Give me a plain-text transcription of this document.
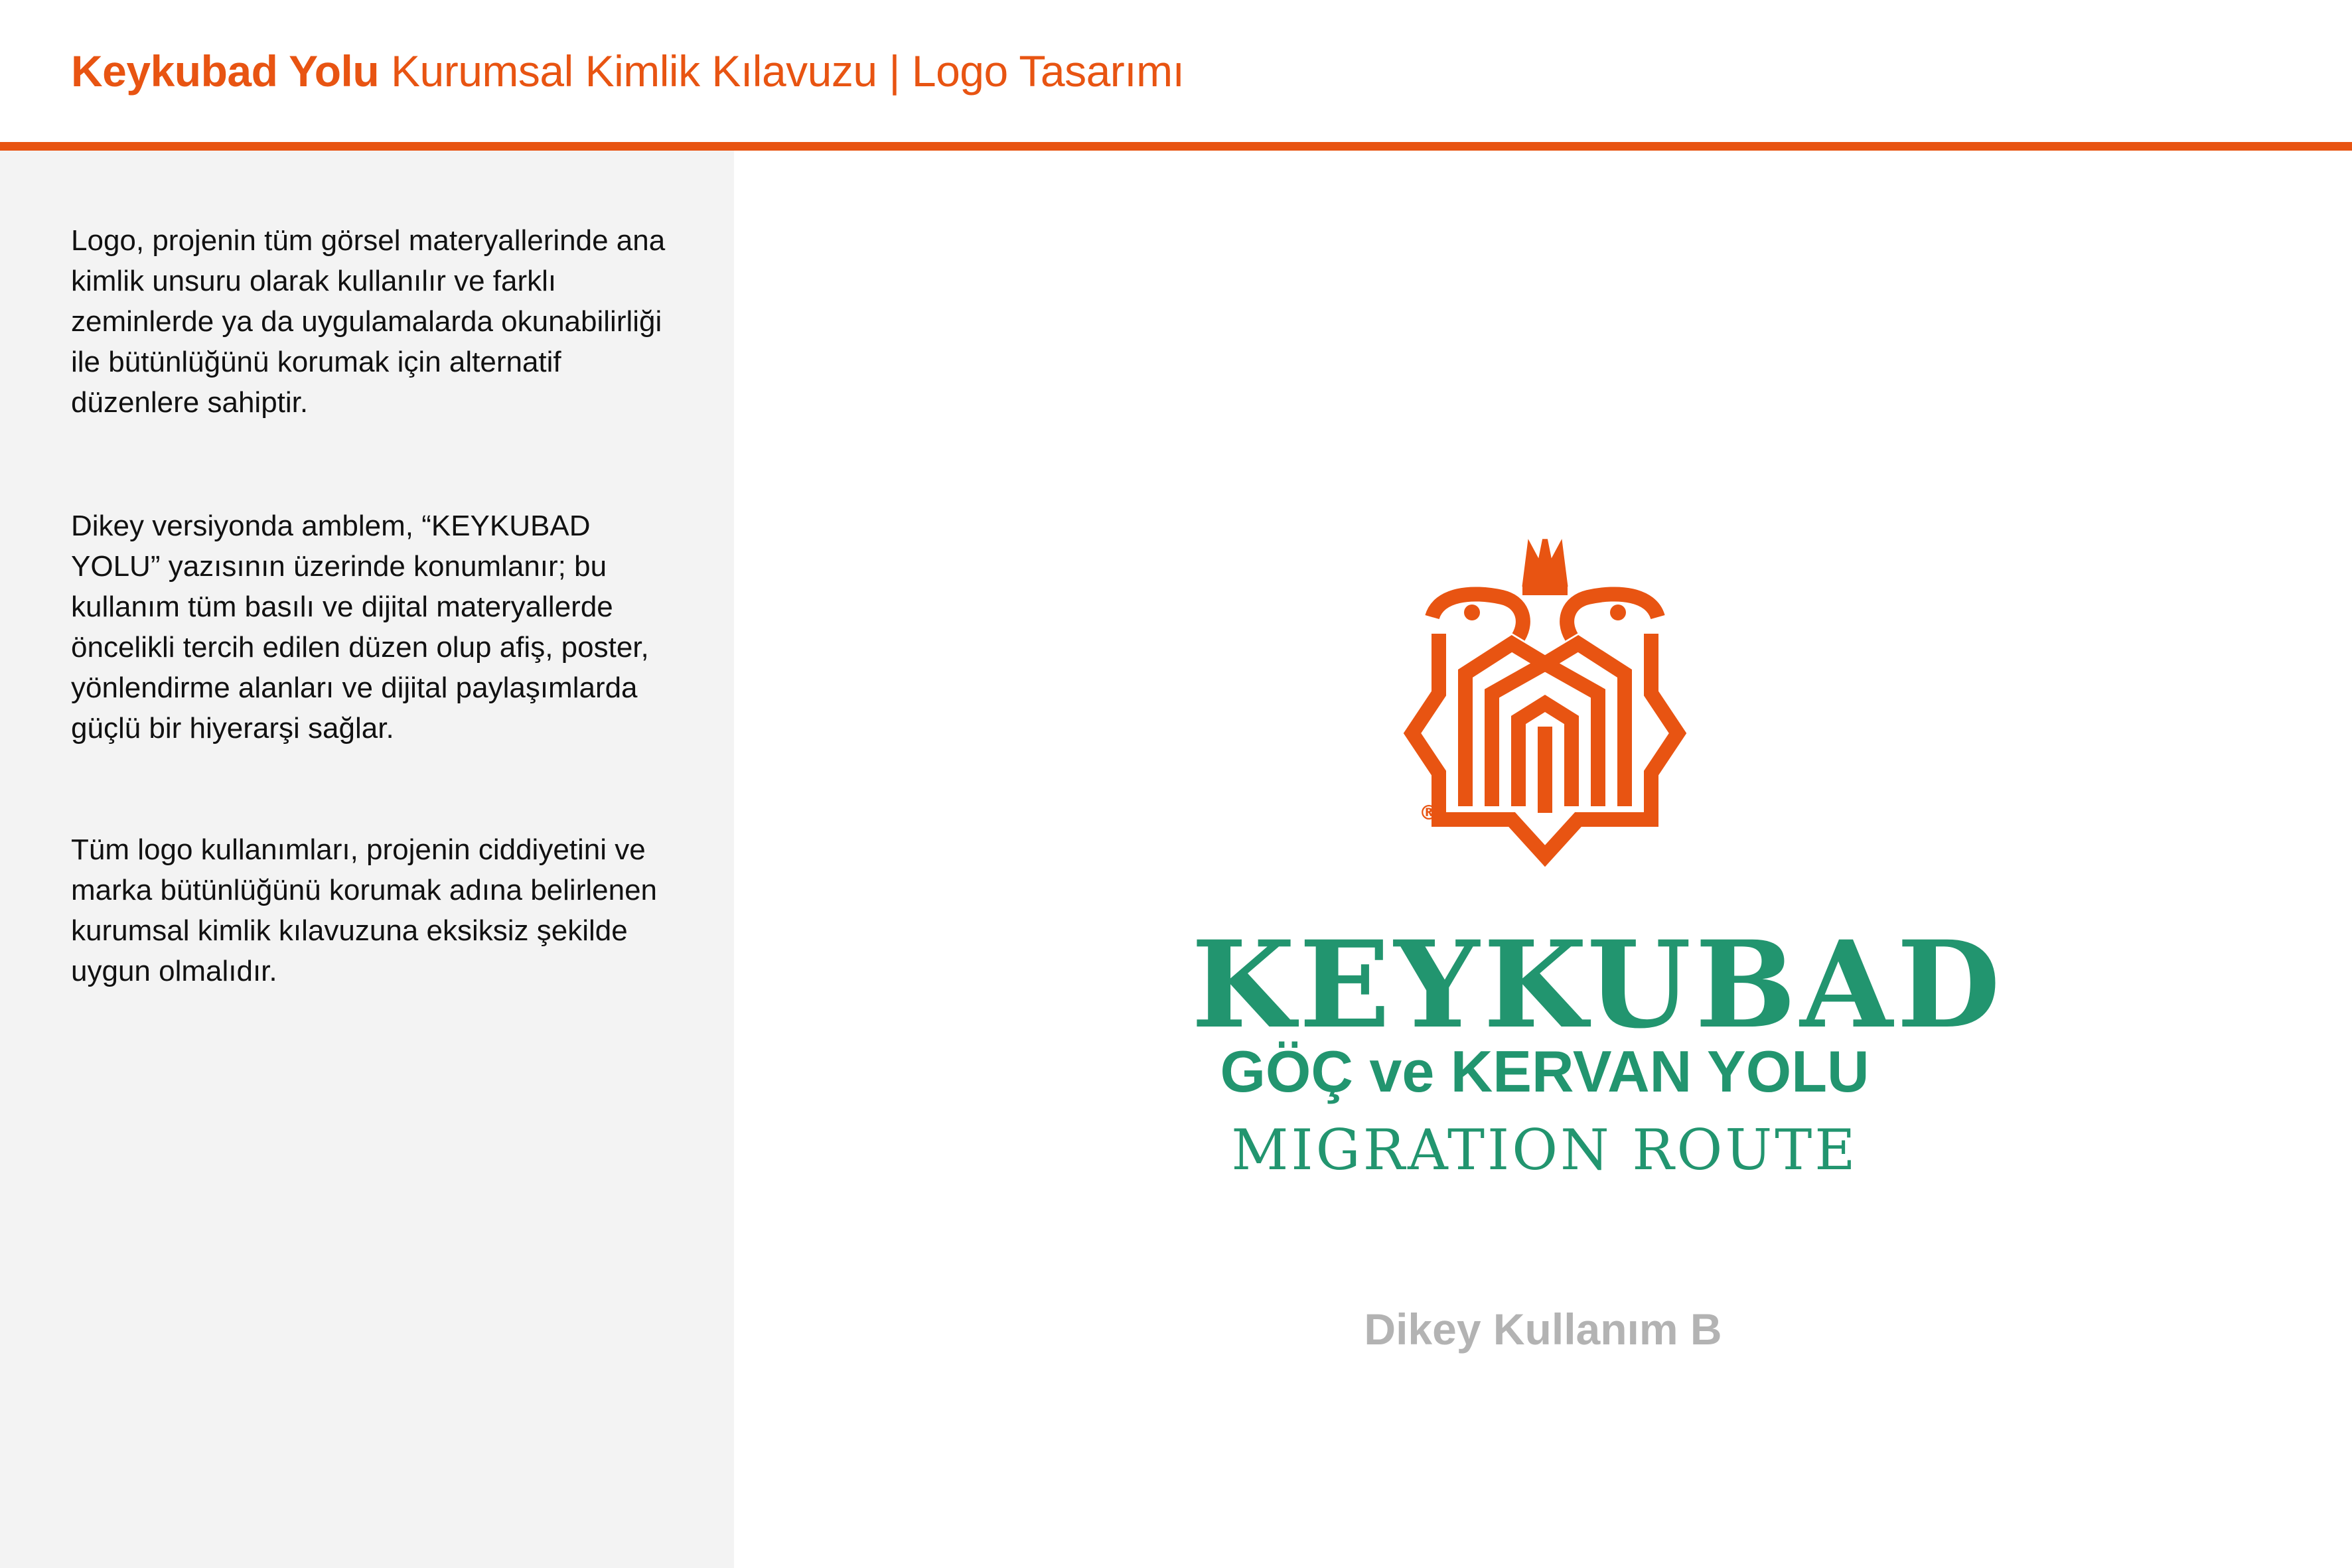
Keykubad Yolu Kurumsal Kimlik Kılavuzu | Logo Tasarımı

Logo, projenin tüm görsel materyallerinde ana kimlik unsuru olarak kullanılır ve farklı zeminlerde ya da uygulamalarda okunabilirliği ile bütünlüğünü korumak için alternatif düzenlere sahiptir.

Dikey versiyonda amblem, “KEYKUBAD YOLU” yazısının üzerinde konumlanır; bu kullanım tüm basılı ve dijital materyallerde öncelikli tercih edilen düzen olup afiş, poster, yönlendirme alanları ve dijital paylaşımlarda güçlü bir hiyerarşi sağlar.

Tüm logo kullanımları, projenin ciddiyetini ve marka bütünlüğünü korumak adına belirlenen kurumsal kimlik kılavuzuna eksiksiz şekilde uygun olmalıdır.

®
KEYKUBAD
GÖÇ ve KERVAN YOLU
MIGRATION ROUTE
Dikey Kullanım B
